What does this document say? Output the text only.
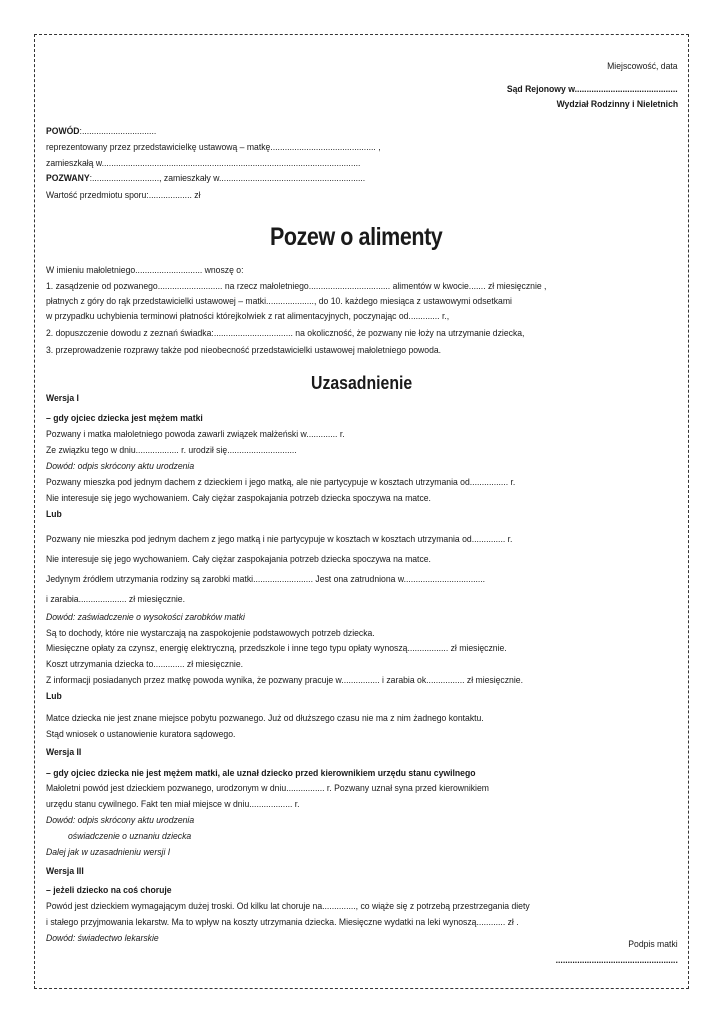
Miejscowość, data
Sąd Rejonowy w...........................................
Wydział Rodzinny i Nieletnich
POWÓD:...............................
reprezentowany przez przedstawicielkę ustawową – matkę............................................ ,
zamieszkałą w............................................................................................................
POZWANY:............................, zamieszkały w.............................................................
Wartość przedmiotu sporu:.................. zł
Pozew o alimenty
W imieniu małoletniego............................ wnoszę o:
1. zasądzenie od pozwanego........................... na rzecz małoletniego.................................. alimentów w kwocie....... zł miesięcznie ,
płatnych z góry do rąk przedstawicielki ustawowej – matki...................., do 10. każdego miesiąca z ustawowymi odsetkami
w przypadku uchybienia terminowi płatności którejkolwiek z rat alimentacyjnych, poczynając od............. r.,
2. dopuszczenie dowodu z zeznań świadka:................................. na okoliczność, że pozwany nie łoży na utrzymanie dziecka,
3. przeprowadzenie rozprawy także pod nieobecność przedstawicielki ustawowej małoletniego powoda.
Uzasadnienie
Wersja I
– gdy ojciec dziecka jest mężem matki
Pozwany i matka małoletniego powoda zawarli związek małżeński w............. r.
Ze związku tego w dniu.................. r. urodził się.............................
Dowód: odpis skrócony aktu urodzenia
Pozwany mieszka pod jednym dachem z dzieckiem i jego matką, ale nie partycypuje w kosztach utrzymania od................ r.
Nie interesuje się jego wychowaniem. Cały ciężar zaspokajania potrzeb dziecka spoczywa na matce.
Lub
Pozwany nie mieszka pod jednym dachem z jego matką i nie partycypuje w kosztach w kosztach utrzymania od.............. r.
Nie interesuje się jego wychowaniem. Cały ciężar zaspokajania potrzeb dziecka spoczywa na matce.
Jedynym źródłem utrzymania rodziny są zarobki matki......................... Jest ona zatrudniona w..................................
i zarabia.................... zł miesięcznie.
Dowód: zaświadczenie o wysokości zarobków matki
Są to dochody, które nie wystarczają na zaspokojenie podstawowych potrzeb dziecka.
Miesięczne opłaty za czynsz, energię elektryczną, przedszkole i inne tego typu opłaty wynoszą................. zł miesięcznie.
Koszt utrzymania dziecka to............. zł miesięcznie.
Z informacji posiadanych przez matkę powoda wynika, że pozwany pracuje w................ i zarabia ok................ zł miesięcznie.
Lub
Matce dziecka nie jest znane miejsce pobytu pozwanego. Już od dłuższego czasu nie ma z nim żadnego kontaktu.
Stąd wniosek o ustanowienie kuratora sądowego.
Wersja II
– gdy ojciec dziecka nie jest mężem matki, ale uznał dziecko przed kierownikiem urzędu stanu cywilnego
Małoletni powód jest dzieckiem pozwanego, urodzonym w dniu................ r. Pozwany uznał syna przed kierownikiem
urzędu stanu cywilnego. Fakt ten miał miejsce w dniu.................. r.
Dowód: odpis skrócony aktu urodzenia
oświadczenie o uznaniu dziecka
Dalej jak w uzasadnieniu wersji I
Wersja III
– jeżeli dziecko na coś choruje
Powód jest dzieckiem wymagającym dużej troski. Od kilku lat choruje na.............., co wiąże się z potrzebą przestrzegania diety
i stałego przyjmowania lekarstw. Ma to wpływ na koszty utrzymania dziecka. Miesięczne wydatki na leki wynoszą............ zł .
Dowód: świadectwo lekarskie
Podpis matki
...................................................
